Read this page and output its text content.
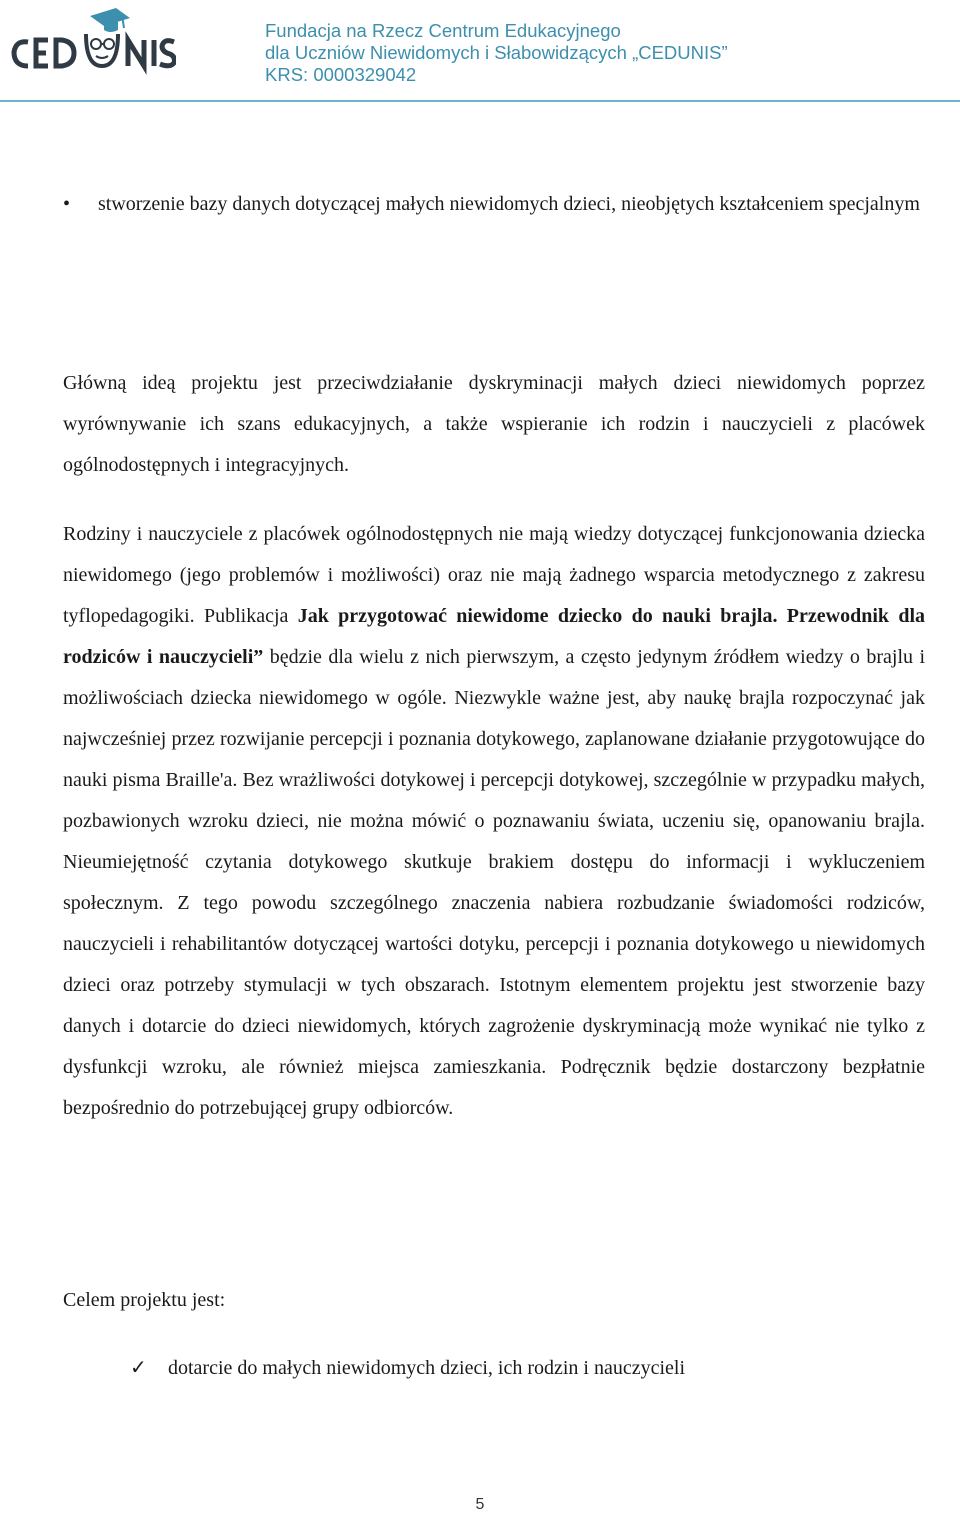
Fundacja na Rzecz Centrum Edukacyjnego
dla Uczniów Niewidomych i Słabowidzących „CEDUNIS”
KRS: 0000329042
•	stworzenie bazy danych dotyczącej małych niewidomych dzieci, nieobjętych kształceniem specjalnym

Główną ideą projektu jest przeciwdziałanie dyskryminacji małych dzieci niewidomych poprzez wyrównywanie ich szans edukacyjnych, a także wspieranie ich rodzin i nauczycieli z placówek ogólnodostępnych i integracyjnych.

Rodziny i nauczyciele z placówek ogólnodostępnych nie mają wiedzy dotyczącej funkcjonowania dziecka niewidomego (jego problemów i możliwości) oraz nie mają żadnego wsparcia metodycznego z zakresu tyflopedagogiki. Publikacja Jak przygotować niewidome dziecko do nauki brajla. Przewodnik dla rodziców i nauczycieli” będzie dla wielu z nich pierwszym, a często jedynym źródłem wiedzy o brajlu i możliwościach dziecka niewidomego w ogóle. Niezwykle ważne jest, aby naukę brajla rozpoczynać jak najwcześniej przez rozwijanie percepcji i poznania dotykowego, zaplanowane działanie przygotowujące do nauki pisma Braille'a. Bez wrażliwości dotykowej i percepcji dotykowej, szczególnie w przypadku małych, pozbawionych wzroku dzieci, nie można mówić o poznawaniu świata, uczeniu się, opanowaniu brajla. Nieumiejętność czytania dotykowego skutkuje brakiem dostępu do informacji i wykluczeniem społecznym. Z tego powodu szczególnego znaczenia nabiera rozbudzanie świadomości rodziców, nauczycieli i rehabilitantów dotyczącej wartości dotyku, percepcji i poznania dotykowego u niewidomych dzieci oraz potrzeby stymulacji w tych obszarach. Istotnym elementem projektu jest stworzenie bazy danych i dotarcie do dzieci niewidomych, których zagrożenie dyskryminacją może wynikać nie tylko z dysfunkcji wzroku, ale również miejsca zamieszkania. Podręcznik będzie dostarczony bezpłatnie bezpośrednio do potrzebującej grupy odbiorców.

Celem projektu jest:
✓ dotarcie do małych niewidomych dzieci, ich rodzin i nauczycieli
5
